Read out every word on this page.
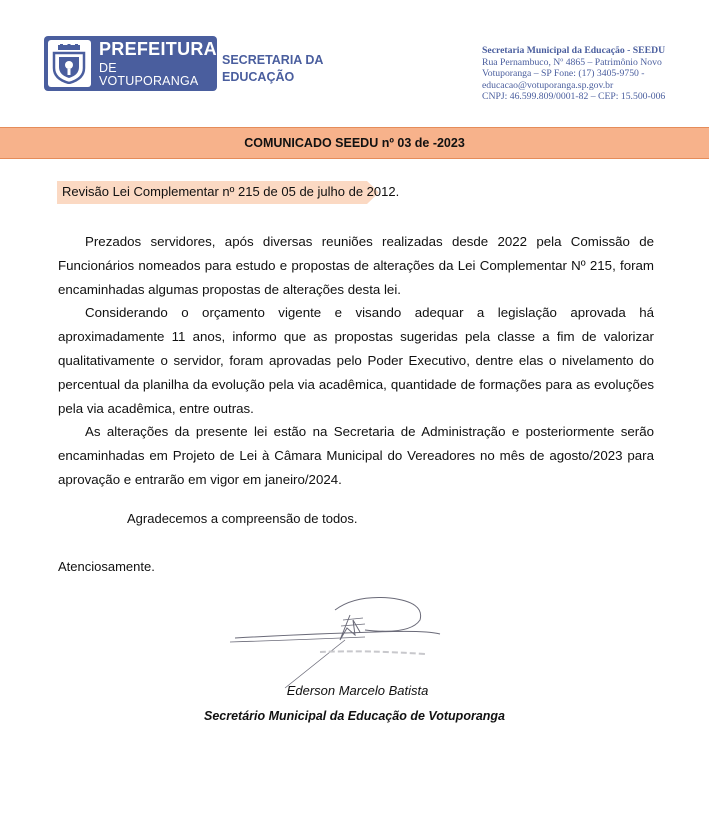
PREFEITURA
DE VOTUPORANGA
SECRETARIA DA
EDUCAÇÃO
Secretaria Municipal da Educação - SEEDU
Rua Pernambuco, Nº 4865 – Patrimônio Novo
Votuporanga – SP Fone: (17) 3405-9750 -
educacao@votuporanga.sp.gov.br
CNPJ: 46.599.809/0001-82 – CEP: 15.500-006
COMUNICADO SEEDU nº 03 de -2023
Revisão Lei Complementar nº 215 de 05 de julho de 2012.

Prezados servidores, após diversas reuniões realizadas desde 2022 pela Comissão de Funcionários nomeados para estudo e propostas de alterações da Lei Complementar Nº 215, foram encaminhadas algumas propostas de alterações desta lei.

Considerando o orçamento vigente e visando adequar a legislação aprovada há aproximadamente 11 anos, informo que as propostas sugeridas pela classe a fim de valorizar qualitativamente o servidor, foram aprovadas pelo Poder Executivo, dentre elas o nivelamento do percentual da planilha da evolução pela via acadêmica, quantidade de formações para as evoluções pela via acadêmica, entre outras.

As alterações da presente lei estão na Secretaria de Administração e posteriormente serão encaminhadas em Projeto de Lei à Câmara Municipal do Vereadores no mês de agosto/2023 para aprovação e entrarão em vigor em janeiro/2024.

Agradecemos a compreensão de todos.
Atenciosamente.
Ederson Marcelo Batista
Secretário Municipal da Educação de Votuporanga
